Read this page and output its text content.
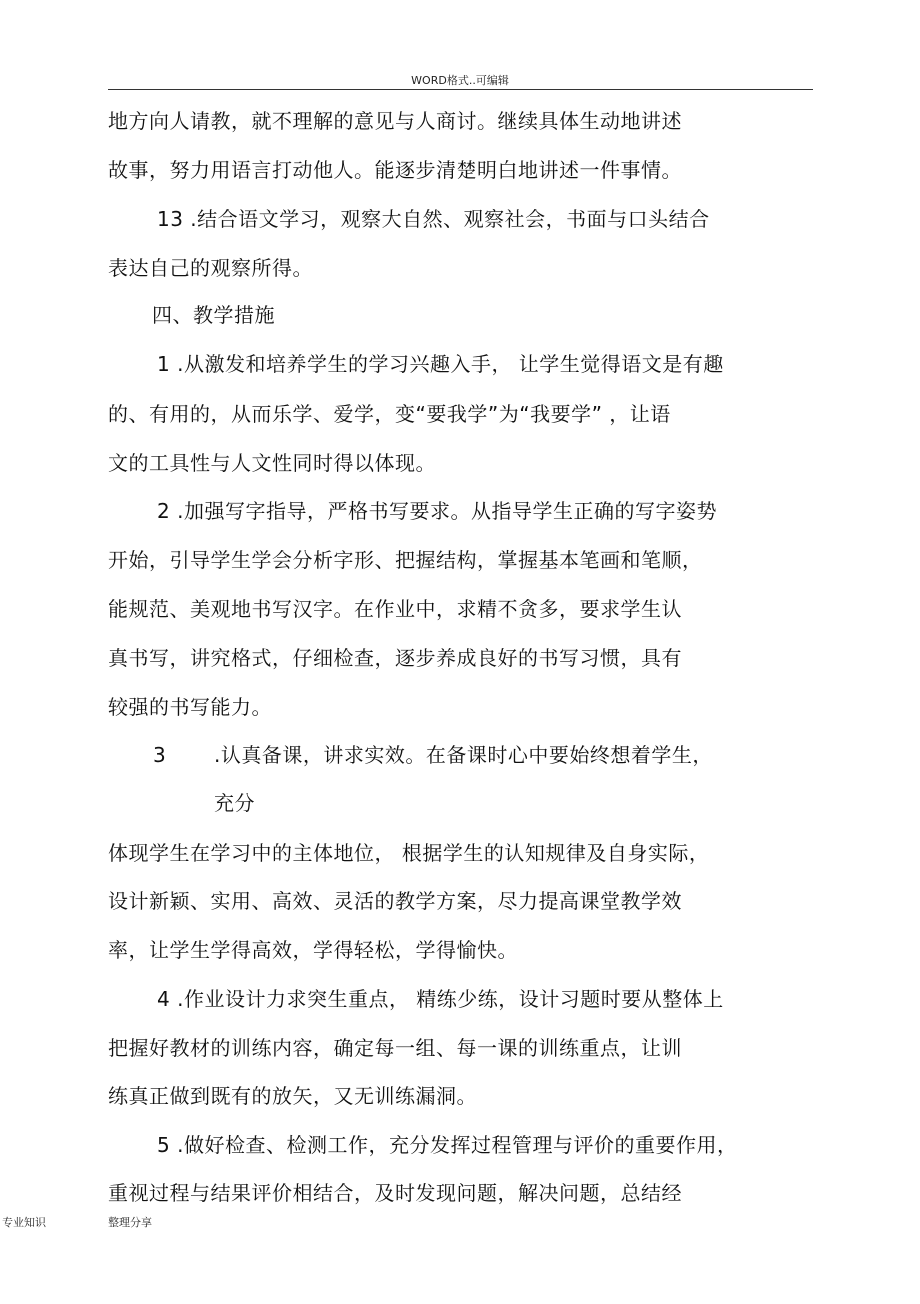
WORD格式..可编辑
地方向人请教，就不理解的意见与人商讨。继续具体生动地讲述
故事，努力用语言打动他人。能逐步清楚明白地讲述一件事情。
13 .结合语文学习，观察大自然、观察社会，书面与口头结合
表达自己的观察所得。
四、教学措施
1 .从激发和培养学生的学习兴趣入手， 让学生觉得语文是有趣
的、有用的，从而乐学、爱学，变“要我学”为“我要学” ，让语
文的工具性与人文性同时得以体现。
2 .加强写字指导，严格书写要求。从指导学生正确的写字姿势
开始，引导学生学会分析字形、把握结构，掌握基本笔画和笔顺，
能规范、美观地书写汉字。在作业中，求精不贪多，要求学生认
真书写，讲究格式，仔细检查，逐步养成良好的书写习惯，具有
较强的书写能力。
3 .认真备课，讲求实效。在备课时心中要始终想着学生，
充分
体现学生在学习中的主体地位， 根据学生的认知规律及自身实际，
设计新颖、实用、高效、灵活的教学方案，尽力提高课堂教学效
率，让学生学得高效，学得轻松，学得愉快。
4 .作业设计力求突生重点， 精练少练，设计习题时要从整体上
把握好教材的训练内容，确定每一组、每一课的训练重点，让训
练真正做到既有的放矢，又无训练漏洞。
5 .做好检查、检测工作，充分发挥过程管理与评价的重要作用，
重视过程与结果评价相结合，及时发现问题，解决问题，总结经
专业知识	整理分享
